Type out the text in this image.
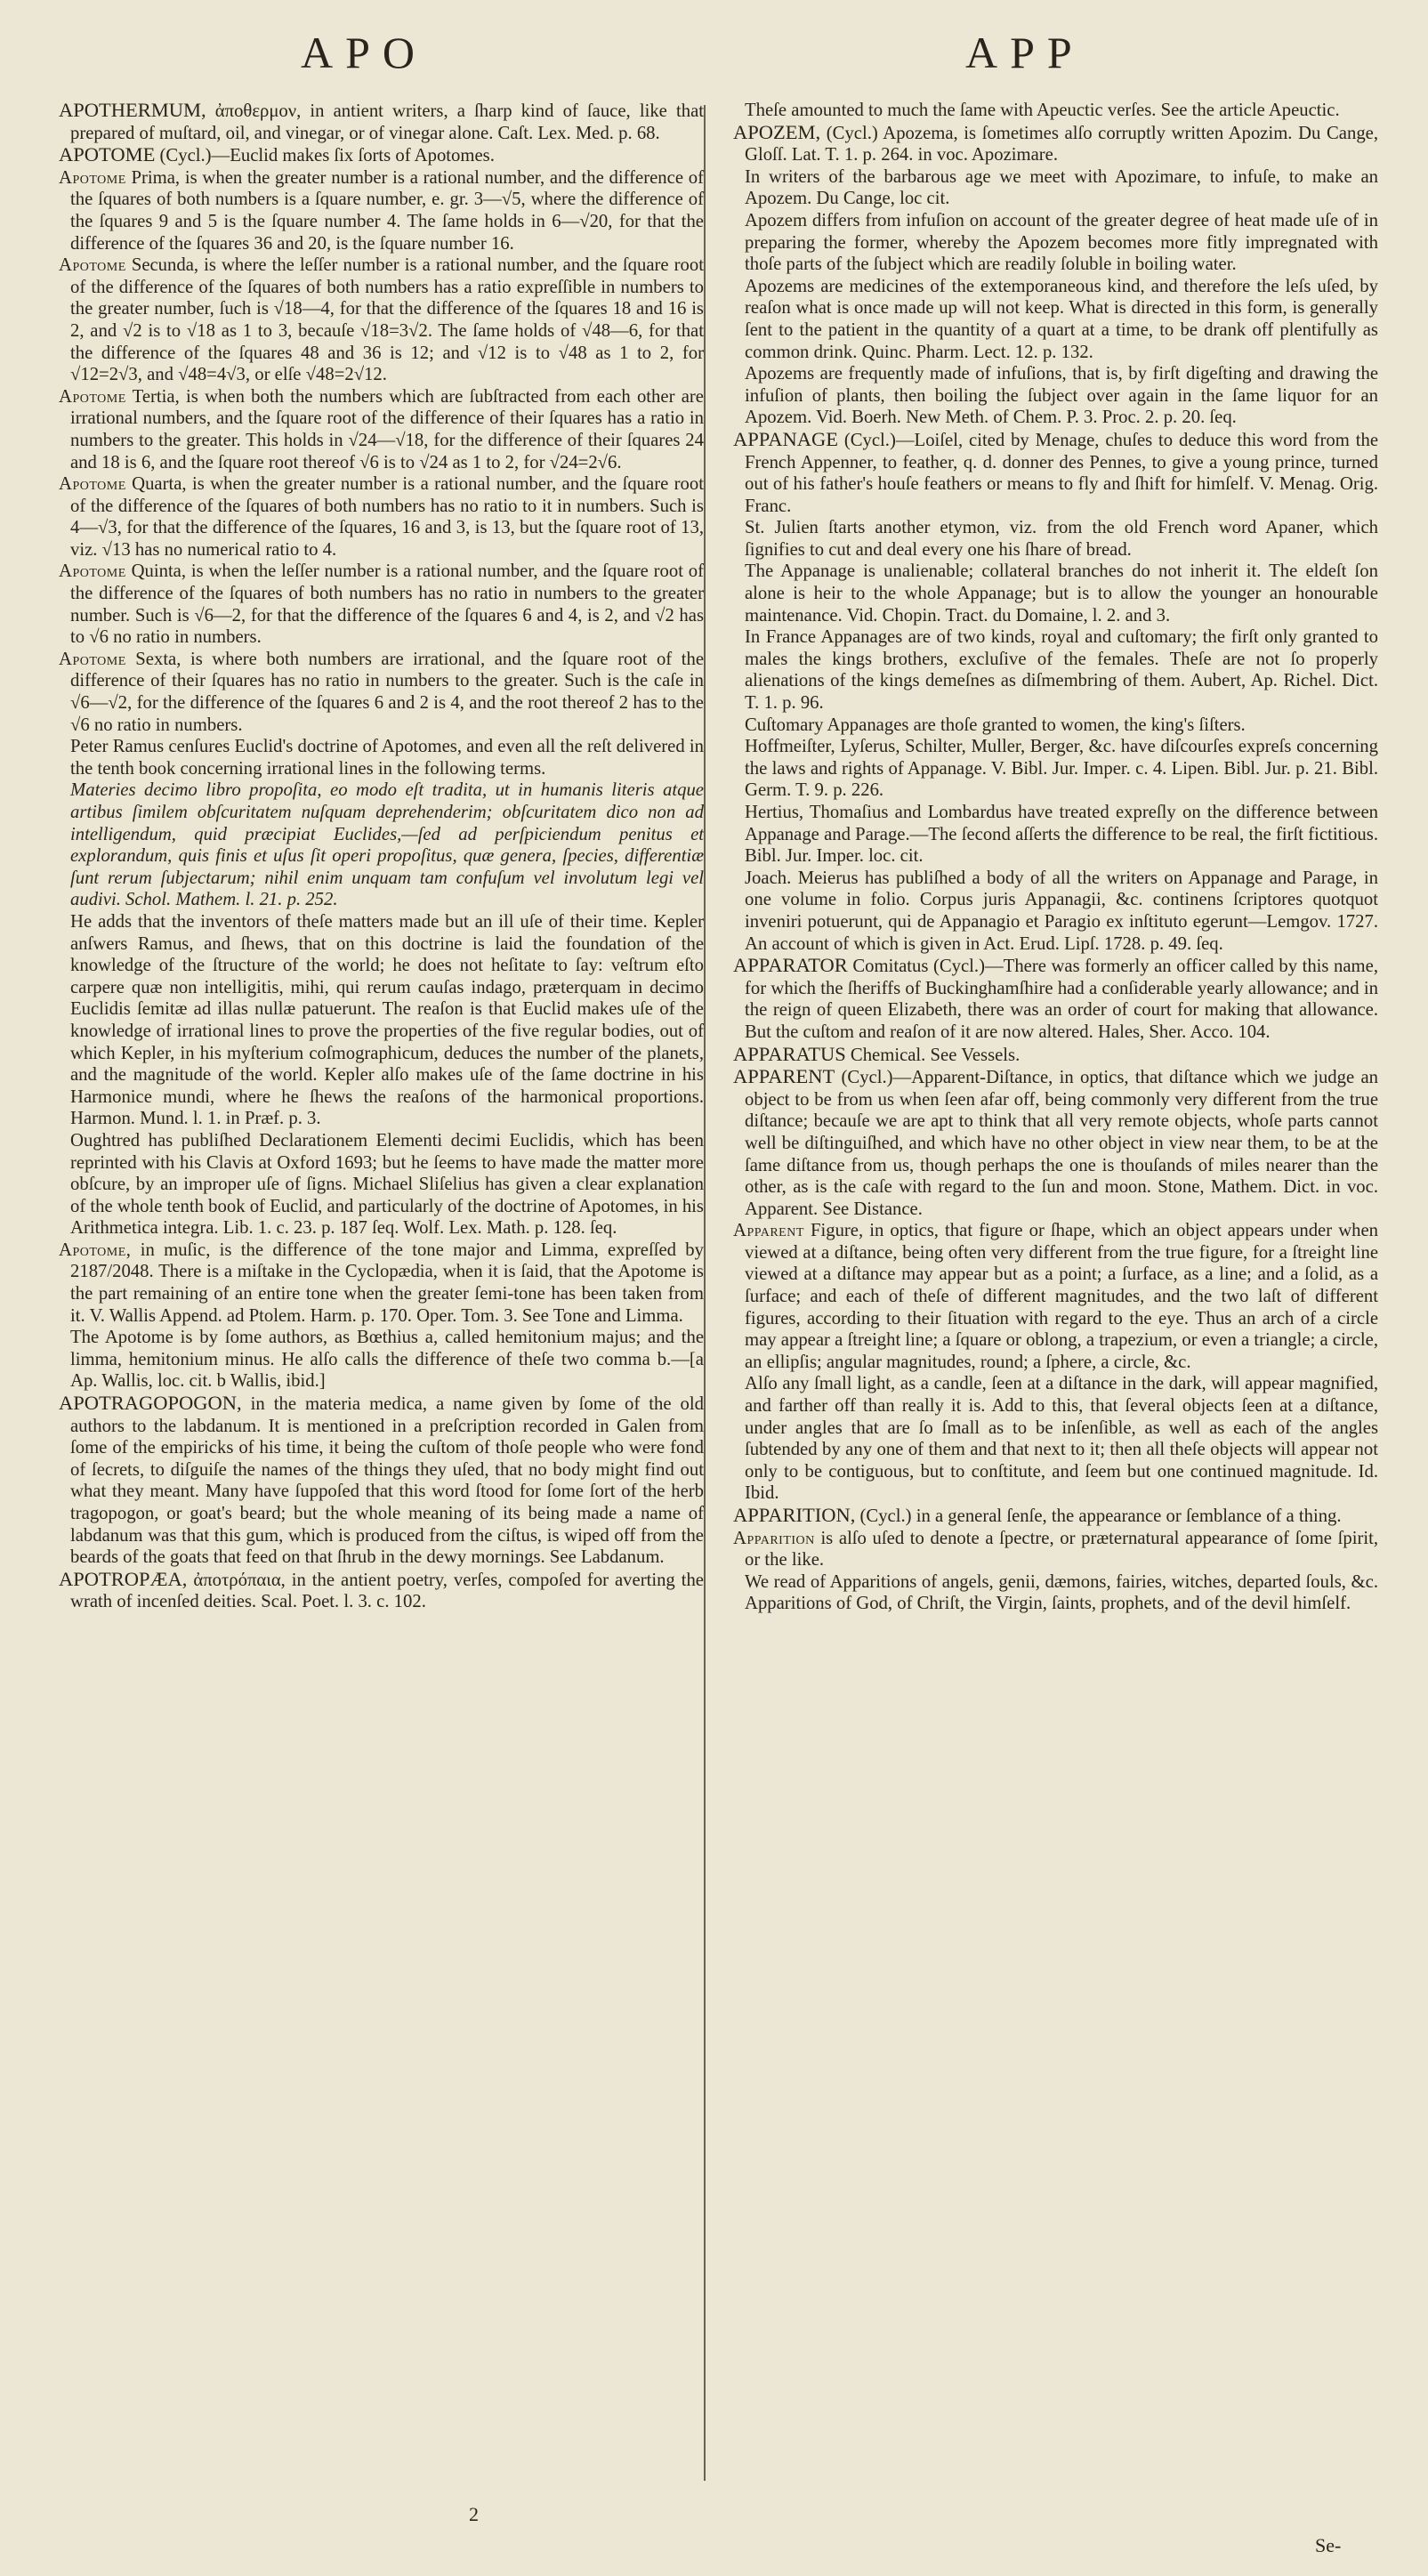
APO	APP

APOTHERMUM, ἀποθερμον, in antient writers, a ſharp kind of ſauce, like that prepared of muſtard, oil, and vinegar, or of vinegar alone. Caſt. Lex. Med. p. 68.

APOTOME (Cycl.)—Euclid makes ſix ſorts of Apotomes.

Apotome Prima, is when the greater number is a rational number, and the difference of the ſquares of both numbers is a ſquare number, e. gr. 3—√5, where the difference of the ſquares 9 and 5 is the ſquare number 4. The ſame holds in 6—√20, for that the difference of the ſquares 36 and 20, is the ſquare number 16.

Apotome Secunda, is where the leſſer number is a rational number, and the ſquare root of the difference of the ſquares of both numbers has a ratio expreſſible in numbers to the greater number, ſuch is √18—4, for that the difference of the ſquares 18 and 16 is 2, and √2 is to √18 as 1 to 3, becauſe √18=3√2. The ſame holds of √48—6, for that the difference of the ſquares 48 and 36 is 12; and √12 is to √48 as 1 to 2, for √12=2√3, and √48=4√3, or elſe √48=2√12.

Apotome Tertia, is when both the numbers which are ſubſtracted from each other are irrational numbers, and the ſquare root of the difference of their ſquares has a ratio in numbers to the greater. This holds in √24—√18, for the difference of their ſquares 24 and 18 is 6, and the ſquare root thereof √6 is to √24 as 1 to 2, for √24=2√6.

Apotome Quarta, is when the greater number is a rational number, and the ſquare root of the difference of the ſquares of both numbers has no ratio to it in numbers. Such is 4—√3, for that the difference of the ſquares, 16 and 3, is 13, but the ſquare root of 13, viz. √13 has no numerical ratio to 4.

Apotome Quinta, is when the leſſer number is a rational number, and the ſquare root of the difference of the ſquares of both numbers has no ratio in numbers to the greater number. Such is √6—2, for that the difference of the ſquares 6 and 4, is 2, and √2 has to √6 no ratio in numbers.

Apotome Sexta, is where both numbers are irrational, and the ſquare root of the difference of their ſquares has no ratio in numbers to the greater. Such is the caſe in √6—√2, for the difference of the ſquares 6 and 2 is 4, and the root thereof 2 has to the √6 no ratio in numbers.

Peter Ramus cenſures Euclid's doctrine of Apotomes, and even all the reſt delivered in the tenth book concerning irrational lines in the following terms.

Materies decimo libro propoſita, eo modo eſt tradita, ut in humanis literis atque artibus ſimilem obſcuritatem nuſquam deprehenderim; obſcuritatem dico non ad intelligendum, quid præcipiat Euclides,—ſed ad perſpiciendum penitus et explorandum, quis finis et uſus ſit operi propoſitus, quæ genera, ſpecies, differentiæ ſunt rerum ſubjectarum; nihil enim unquam tam confuſum vel involutum legi vel audivi. Schol. Mathem. l. 21. p. 252.

He adds that the inventors of theſe matters made but an ill uſe of their time. Kepler anſwers Ramus, and ſhews, that on this doctrine is laid the foundation of the knowledge of the ſtructure of the world; he does not heſitate to ſay: veſtrum eſto carpere quæ non intelligitis, mihi, qui rerum cauſas indago, præterquam in decimo Euclidis ſemitæ ad illas nullæ patuerunt. The reaſon is that Euclid makes uſe of the knowledge of irrational lines to prove the properties of the five regular bodies, out of which Kepler, in his myſterium coſmographicum, deduces the number of the planets, and the magnitude of the world. Kepler alſo makes uſe of the ſame doctrine in his Harmonice mundi, where he ſhews the reaſons of the harmonical proportions. Harmon. Mund. l. 1. in Præf. p. 3.

Oughtred has publiſhed Declarationem Elementi decimi Euclidis, which has been reprinted with his Clavis at Oxford 1693; but he ſeems to have made the matter more obſcure, by an improper uſe of ſigns. Michael Sliſelius has given a clear explanation of the whole tenth book of Euclid, and particularly of the doctrine of Apotomes, in his Arithmetica integra. Lib. 1. c. 23. p. 187 ſeq. Wolf. Lex. Math. p. 128. ſeq.

Apotome, in muſic, is the difference of the tone major and Limma, expreſſed by 2187/2048. There is a miſtake in the Cyclopædia, when it is ſaid, that the Apotome is the part remaining of an entire tone when the greater ſemi-tone has been taken from it. V. Wallis Append. ad Ptolem. Harm. p. 170. Oper. Tom. 3. See Tone and Limma.

The Apotome is by ſome authors, as Bœthius a, called hemitonium majus; and the limma, hemitonium minus. He alſo calls the difference of theſe two comma b.—[a Ap. Wallis, loc. cit. b Wallis, ibid.]

APOTRAGOPOGON, in the materia medica, a name given by ſome of the old authors to the labdanum. It is mentioned in a preſcription recorded in Galen from ſome of the empiricks of his time, it being the cuſtom of thoſe people who were fond of ſecrets, to diſguiſe the names of the things they uſed, that no body might find out what they meant. Many have ſuppoſed that this word ſtood for ſome ſort of the herb tragopogon, or goat's beard; but the whole meaning of its being made a name of labdanum was that this gum, which is produced from the ciſtus, is wiped off from the beards of the goats that feed on that ſhrub in the dewy mornings. See Labdanum.

APOTROPÆA, ἀποτρόπαια, in the antient poetry, verſes, compoſed for averting the wrath of incenſed deities. Scal. Poet. l. 3. c. 102.

Theſe amounted to much the ſame with Apeuctic verſes. See the article Apeuctic.

APOZEM, (Cycl.) Apozema, is ſometimes alſo corruptly written Apozim. Du Cange, Gloſſ. Lat. T. 1. p. 264. in voc. Apozimare.

In writers of the barbarous age we meet with Apozimare, to infuſe, to make an Apozem. Du Cange, loc cit.

Apozem differs from infuſion on account of the greater degree of heat made uſe of in preparing the former, whereby the Apozem becomes more fitly impregnated with thoſe parts of the ſubject which are readily ſoluble in boiling water.

Apozems are medicines of the extemporaneous kind, and therefore the leſs uſed, by reaſon what is once made up will not keep. What is directed in this form, is generally ſent to the patient in the quantity of a quart at a time, to be drank off plentifully as common drink. Quinc. Pharm. Lect. 12. p. 132.

Apozems are frequently made of infuſions, that is, by firſt digeſting and drawing the infuſion of plants, then boiling the ſubject over again in the ſame liquor for an Apozem. Vid. Boerh. New Meth. of Chem. P. 3. Proc. 2. p. 20. ſeq.

APPANAGE (Cycl.)—Loiſel, cited by Menage, chuſes to deduce this word from the French Appenner, to feather, q. d. donner des Pennes, to give a young prince, turned out of his father's houſe feathers or means to fly and ſhift for himſelf. V. Menag. Orig. Franc.

St. Julien ſtarts another etymon, viz. from the old French word Apaner, which ſignifies to cut and deal every one his ſhare of bread.

The Appanage is unalienable; collateral branches do not inherit it. The eldeſt ſon alone is heir to the whole Appanage; but is to allow the younger an honourable maintenance. Vid. Chopin. Tract. du Domaine, l. 2. and 3.

In France Appanages are of two kinds, royal and cuſtomary; the firſt only granted to males the kings brothers, excluſive of the females. Theſe are not ſo properly alienations of the kings demeſnes as diſmembring of them. Aubert, Ap. Richel. Dict. T. 1. p. 96.

Cuſtomary Appanages are thoſe granted to women, the king's ſiſters.

Hoffmeiſter, Lyſerus, Schilter, Muller, Berger, &c. have diſcourſes expreſs concerning the laws and rights of Appanage. V. Bibl. Jur. Imper. c. 4. Lipen. Bibl. Jur. p. 21. Bibl. Germ. T. 9. p. 226.

Hertius, Thomaſius and Lombardus have treated expreſly on the difference between Appanage and Parage.—The ſecond aſſerts the difference to be real, the firſt fictitious. Bibl. Jur. Imper. loc. cit.

Joach. Meierus has publiſhed a body of all the writers on Appanage and Parage, in one volume in folio. Corpus juris Appanagii, &c. continens ſcriptores quotquot inveniri potuerunt, qui de Appanagio et Paragio ex inſtituto egerunt—Lemgov. 1727. An account of which is given in Act. Erud. Lipſ. 1728. p. 49. ſeq.

APPARATOR Comitatus (Cycl.)—There was formerly an officer called by this name, for which the ſheriffs of Buckinghamſhire had a conſiderable yearly allowance; and in the reign of queen Elizabeth, there was an order of court for making that allowance. But the cuſtom and reaſon of it are now altered. Hales, Sher. Acco. 104.

APPARATUS Chemical. See Vessels.

APPARENT (Cycl.)—Apparent-Diſtance, in optics, that diſtance which we judge an object to be from us when ſeen afar off, being commonly very different from the true diſtance; becauſe we are apt to think that all very remote objects, whoſe parts cannot well be diſtinguiſhed, and which have no other object in view near them, to be at the ſame diſtance from us, though perhaps the one is thouſands of miles nearer than the other, as is the caſe with regard to the ſun and moon. Stone, Mathem. Dict. in voc. Apparent. See Distance.

Apparent Figure, in optics, that figure or ſhape, which an object appears under when viewed at a diſtance, being often very different from the true figure, for a ſtreight line viewed at a diſtance may appear but as a point; a ſurface, as a line; and a ſolid, as a ſurface; and each of theſe of different magnitudes, and the two laſt of different figures, according to their ſituation with regard to the eye. Thus an arch of a circle may appear a ſtreight line; a ſquare or oblong, a trapezium, or even a triangle; a circle, an ellipſis; angular magnitudes, round; a ſphere, a circle, &c.

Alſo any ſmall light, as a candle, ſeen at a diſtance in the dark, will appear magnified, and farther off than really it is. Add to this, that ſeveral objects ſeen at a diſtance, under angles that are ſo ſmall as to be inſenſible, as well as each of the angles ſubtended by any one of them and that next to it; then all theſe objects will appear not only to be contiguous, but to conſtitute, and ſeem but one continued magnitude. Id. Ibid.

APPARITION, (Cycl.) in a general ſenſe, the appearance or ſemblance of a thing.

Apparition is alſo uſed to denote a ſpectre, or præternatural appearance of ſome ſpirit, or the like.

We read of Apparitions of angels, genii, dæmons, fairies, witches, departed ſouls, &c. Apparitions of God, of Chriſt, the Virgin, ſaints, prophets, and of the devil himſelf.

2
Se-
